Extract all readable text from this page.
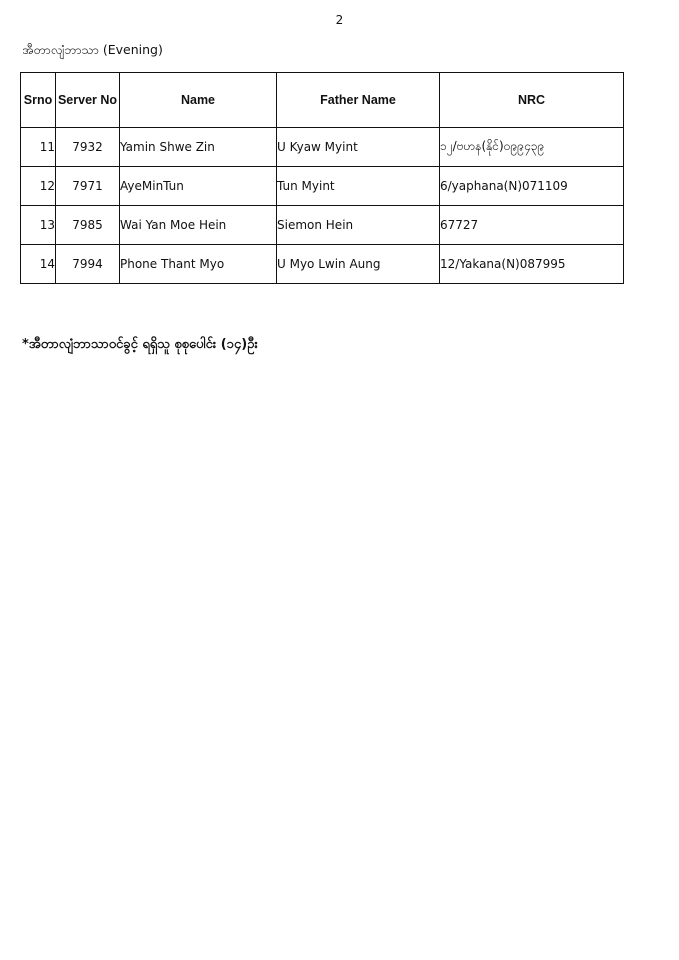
2
အီတာလျံဘာသာ (Evening)
Srno	Server No	Name	Father Name	NRC
11	7932	Yamin Shwe Zin	U Kyaw Myint	၁၂/ဗဟန(နိုင်)၀၉၉၄၃၉
12	7971	AyeMinTun	Tun Myint	6/yaphana(N)071109
13	7985	Wai Yan Moe Hein	Siemon Hein	67727
14	7994	Phone Thant Myo	U Myo Lwin Aung	12/Yakana(N)087995
*အီတာလျံဘာသာဝင်ခွင့် ရရှိသူ စုစုပေါင်း (၁၄)ဦး
